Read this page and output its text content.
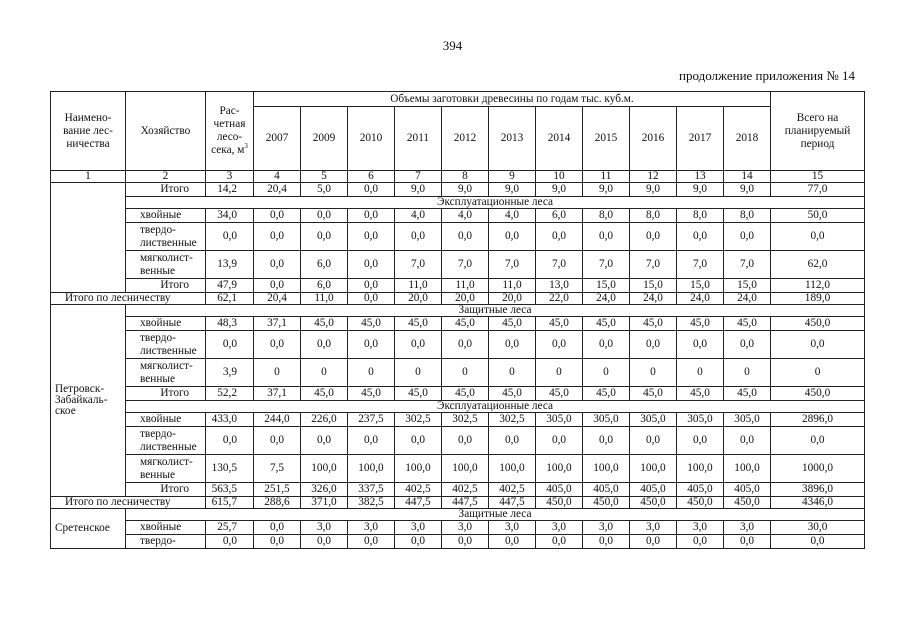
394
продолжение приложения № 14
Наимено-вание лес-ничества	Хозяйство	Рас-четная лесо-сека, $м^3$	Объемы заготовки древесины по годам тыс. куб.м.											Всего на планируемый период
			2007	2009	2010	2011	2012	2013	2014	2015	2016	2017	2018	
1	2	3	4	5	6	7	8	9	10	11	12	13	14	15
	Итого	14,2	20,4	5,0	0,0	9,0	9,0	9,0	9,0	9,0	9,0	9,0	9,0	77,0
	Эксплуатационные леса													
	хвойные	34,0	0,0	0,0	0,0	4,0	4,0	4,0	6,0	8,0	8,0	8,0	8,0	50,0
	твердо-лиственные	0,0	0,0	0,0	0,0	0,0	0,0	0,0	0,0	0,0	0,0	0,0	0,0	0,0
	мягколист-венные	13,9	0,0	6,0	0,0	7,0	7,0	7,0	7,0	7,0	7,0	7,0	7,0	62,0
	Итого	47,9	0,0	6,0	0,0	11,0	11,0	11,0	13,0	15,0	15,0	15,0	15,0	112,0
Итого по лесничеству		62,1	20,4	11,0	0,0	20,0	20,0	20,0	22,0	24,0	24,0	24,0	24,0	189,0
Петровск-Забайкаль-ское	Защитные леса													
	хвойные	48,3	37,1	45,0	45,0	45,0	45,0	45,0	45,0	45,0	45,0	45,0	45,0	450,0
	твердо-лиственные	0,0	0,0	0,0	0,0	0,0	0,0	0,0	0,0	0,0	0,0	0,0	0,0	0,0
	мягколист-венные	3,9	0	0	0	0	0	0	0	0	0	0	0	0
	Итого	52,2	37,1	45,0	45,0	45,0	45,0	45,0	45,0	45,0	45,0	45,0	45,0	450,0
	Эксплуатационные леса													
	хвойные	433,0	244,0	226,0	237,5	302,5	302,5	302,5	305,0	305,0	305,0	305,0	305,0	2896,0
	твердо-лиственные	0,0	0,0	0,0	0,0	0,0	0,0	0,0	0,0	0,0	0,0	0,0	0,0	0,0
	мягколист-венные	130,5	7,5	100,0	100,0	100,0	100,0	100,0	100,0	100,0	100,0	100,0	100,0	1000,0
	Итого	563,5	251,5	326,0	337,5	402,5	402,5	402,5	405,0	405,0	405,0	405,0	405,0	3896,0
Итого по лесничеству		615,7	288,6	371,0	382,5	447,5	447,5	447,5	450,0	450,0	450,0	450,0	450,0	4346,0
Сретенское	Защитные леса													
	хвойные	25,7	0,0	3,0	3,0	3,0	3,0	3,0	3,0	3,0	3,0	3,0	3,0	30,0
	твердо-	0,0	0,0	0,0	0,0	0,0	0,0	0,0	0,0	0,0	0,0	0,0	0,0	0,0
